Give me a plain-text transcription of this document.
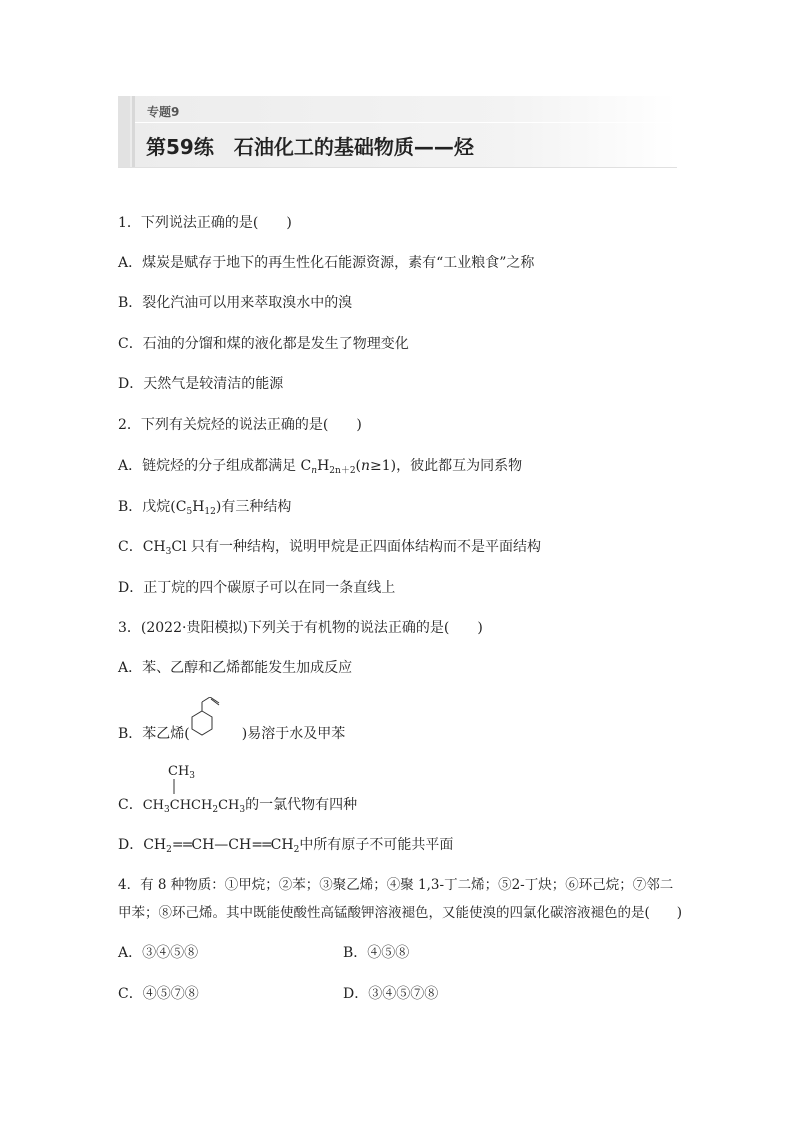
专题9
第59练　石油化工的基础物质——烃
1．下列说法正确的是(　　)
A．煤炭是赋存于地下的再生性化石能源资源，素有“工业粮食”之称
B．裂化汽油可以用来萃取溴水中的溴
C．石油的分馏和煤的液化都是发生了物理变化
D．天然气是较清洁的能源
2．下列有关烷烃的说法正确的是(　　)
A．链烷烃的分子组成都满足 $C_nH_{2n+2}(n\ge 1)$，彼此都互为同系物
B．戊烷$(C_5H_{12})$有三种结构
C．$CH_3Cl$ 只有一种结构，说明甲烷是正四面体结构而不是平面结构
D．正丁烷的四个碳原子可以在同一条直线上
3．(2022·贵阳模拟)下列关于有机物的说法正确的是(　　)
A．苯、乙醇和乙烯都能发生加成反应
B．苯乙烯(	)易溶于水及甲苯
$CH_3$
C．$CH_3CHCH_2CH_3$的一氯代物有四种
D．$CH_2==CH—CH==CH_2$中所有原子不可能共平面
4．有 8 种物质：①甲烷；②苯；③聚乙烯；④聚 1,3-丁二烯；⑤2-丁炔；⑥环己烷；⑦邻二
甲苯；⑧环己烯。其中既能使酸性高锰酸钾溶液褪色，又能使溴的四氯化碳溶液褪色的是(　　)
A．③④⑤⑧	B．④⑤⑧
C．④⑤⑦⑧	D．③④⑤⑦⑧
